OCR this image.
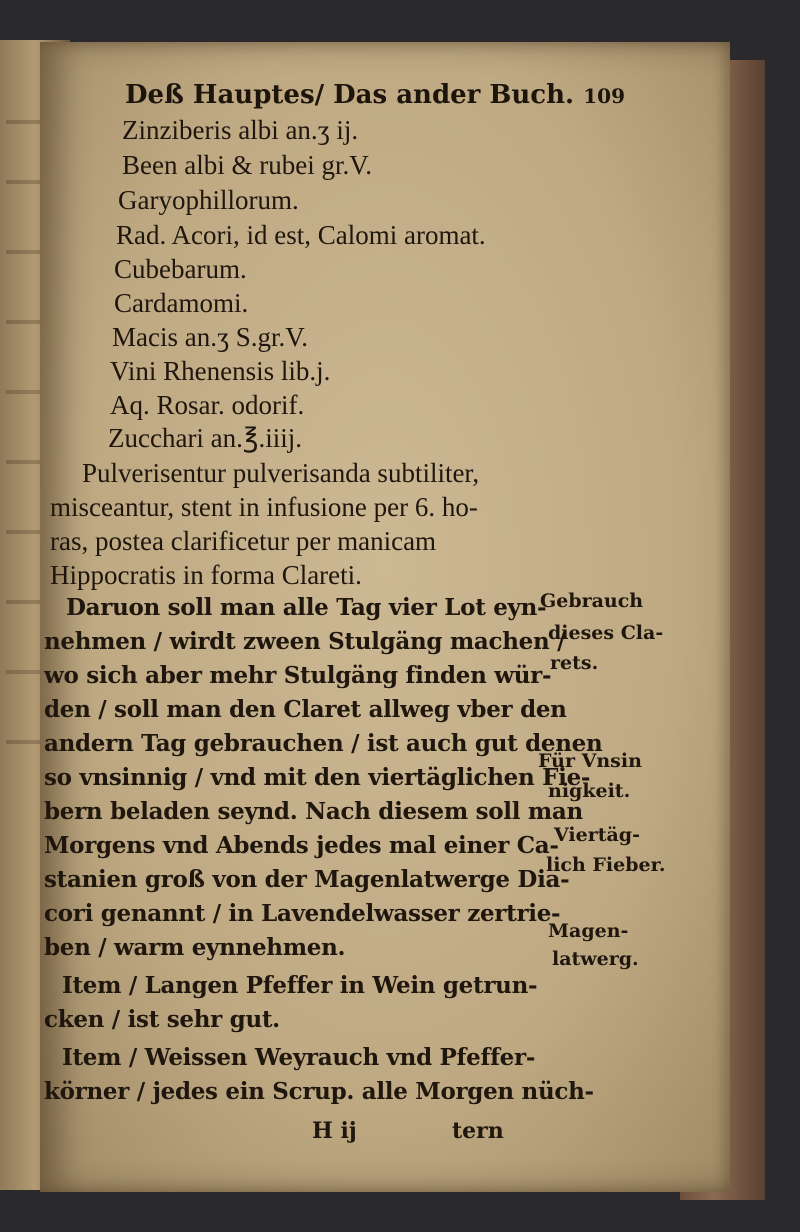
Deß Hauptes/ Das ander Buch. 109
Zinziberis albi an.ʒ ij.
Been albi & rubei gr.V.
Garyophillorum.
Rad. Acori, id est, Calomi aromat.
Cubebarum.
Cardamomi.
Macis an.ʒ S.gr.V.
Vini Rhenensis lib.j.
Aq. Rosar. odorif.
Zucchari an.℥.iiij.
Pulverisentur pulverisanda subtiliter,
misceantur, stent in infusione per 6. ho-
ras, postea clarificetur per manicam
Hippocratis in forma Clareti.
Daruon soll man alle Tag vier Lot eyn-
nehmen / wirdt zween Stulgäng machen /
wo sich aber mehr Stulgäng finden wür-
den / soll man den Claret allweg vber den
andern Tag gebrauchen / ist auch gut denen
so vnsinnig / vnd mit den viertäglichen Fie-
bern beladen seynd. Nach diesem soll man
Morgens vnd Abends jedes mal einer Ca-
stanien groß von der Magenlatwerge Dia-
cori genannt / in Lavendelwasser zertrie-
ben / warm eynnehmen.
Item / Langen Pfeffer in Wein getrun-
cken / ist sehr gut.
Item / Weissen Weyrauch vnd Pfeffer-
körner / jedes ein Scrup. alle Morgen nüch-
Gebrauch
dieses Cla-
rets.
Für Vnsin
nigkeit.
Viertäg-
lich Fieber.
Magen-
latwerg.
H ij	tern
